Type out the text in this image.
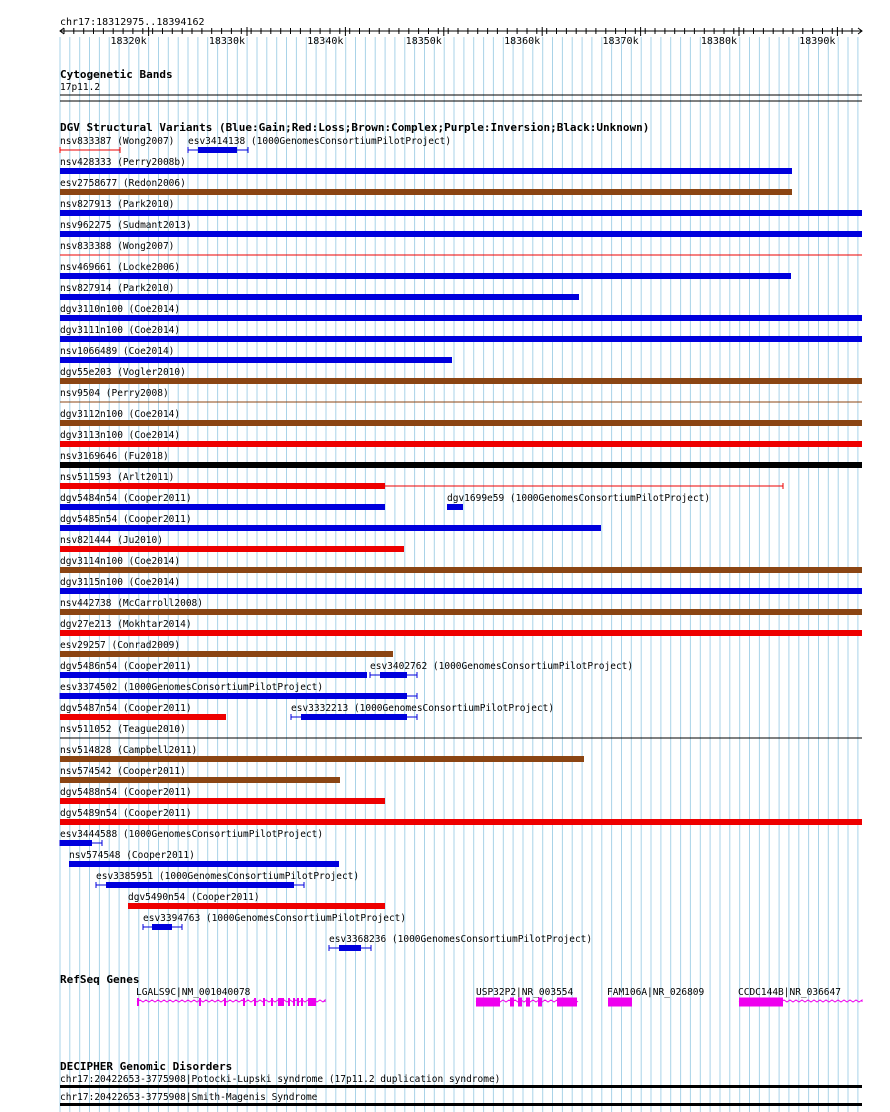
chr17:18312975..18394162
18320k	18330k	18340k	18350k	18360k	18370k	18380k	18390k
Cytogenetic Bands
17p11.2
DGV Structural Variants (Blue:Gain;Red:Loss;Brown:Complex;Purple:Inversion;Black:Unknown)
nsv833387 (Wong2007) esv3414138 (1000GenomesConsortiumPilotProject)
nsv428333 (Perry2008b)
esv2758677 (Redon2006)
nsv827913 (Park2010)
nsv962275 (Sudmant2013)
nsv833388 (Wong2007)
nsv469661 (Locke2006)
nsv827914 (Park2010)
dgv3110n100 (Coe2014)
dgv3111n100 (Coe2014)
nsv1066489 (Coe2014)
dgv55e203 (Vogler2010)
nsv9504 (Perry2008)
dgv3112n100 (Coe2014)
dgv3113n100 (Coe2014)
nsv3169646 (Fu2018)
nsv511593 (Arlt2011)
dgv5484n54 (Cooper2011)	dgv1699e59 (1000GenomesConsortiumPilotProject)
dgv5485n54 (Cooper2011)
nsv821444 (Ju2010)
dgv3114n100 (Coe2014)
dgv3115n100 (Coe2014)
nsv442738 (McCarroll2008)
dgv27e213 (Mokhtar2014)
esv29257 (Conrad2009)
dgv5486n54 (Cooper2011)	esv3402762 (1000GenomesConsortiumPilotProject)
esv3374502 (1000GenomesConsortiumPilotProject)
dgv5487n54 (Cooper2011)	esv3332213 (1000GenomesConsortiumPilotProject)
nsv511052 (Teague2010)
nsv514828 (Campbell2011)
nsv574542 (Cooper2011)
dgv5488n54 (Cooper2011)
dgv5489n54 (Cooper2011)
esv3444588 (1000GenomesConsortiumPilotProject)
nsv574548 (Cooper2011)
esv3385951 (1000GenomesConsortiumPilotProject)
dgv5490n54 (Cooper2011)
esv3394763 (1000GenomesConsortiumPilotProject)
esv3368236 (1000GenomesConsortiumPilotProject)
RefSeq Genes
LGALS9C|NM_001040078	USP32P2|NR_003554	FAM106A|NR_026809	CCDC144B|NR_036647
DECIPHER Genomic Disorders
chr17:20422653-3775908|Potocki-Lupski syndrome (17p11.2 duplication syndrome)
chr17:20422653-3775908|Smith-Magenis Syndrome
